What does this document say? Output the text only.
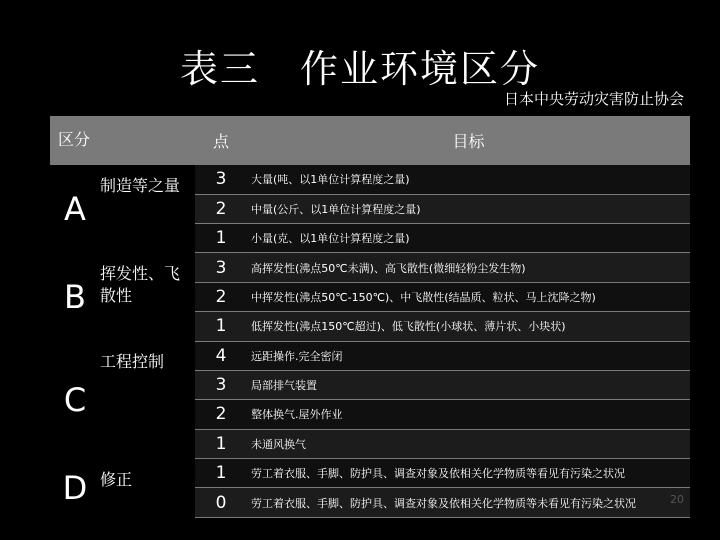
表三　作业环境区分
日本中央劳动灾害防止协会
区分		点	目标
A	制造等之量	3	大量(吨、以1单位计算程度之量)
		2	中量(公斤、以1单位计算程度之量)
		1	小量(克、以1单位计算程度之量)
B	挥发性、飞散性	3	高挥发性(沸点50℃未满)、高飞散性(微细轻粉尘发生物)
		2	中挥发性(沸点50℃-150℃)、中飞散性(结晶质、粒状、马上沈降之物)
		1	低挥发性(沸点150℃超过)、低飞散性(小球状、薄片状、小块状)
C	工程控制	4	远距操作.完全密闭
		3	局部排气装置
		2	整体换气.屋外作业
		1	未通风换气
D	修正	1	劳工着衣服、手脚、防护具、调查对象及依相关化学物质等看见有污染之状况
		0	劳工着衣服、手脚、防护具、调查对象及依相关化学物质等未看见有污染之状况	20
